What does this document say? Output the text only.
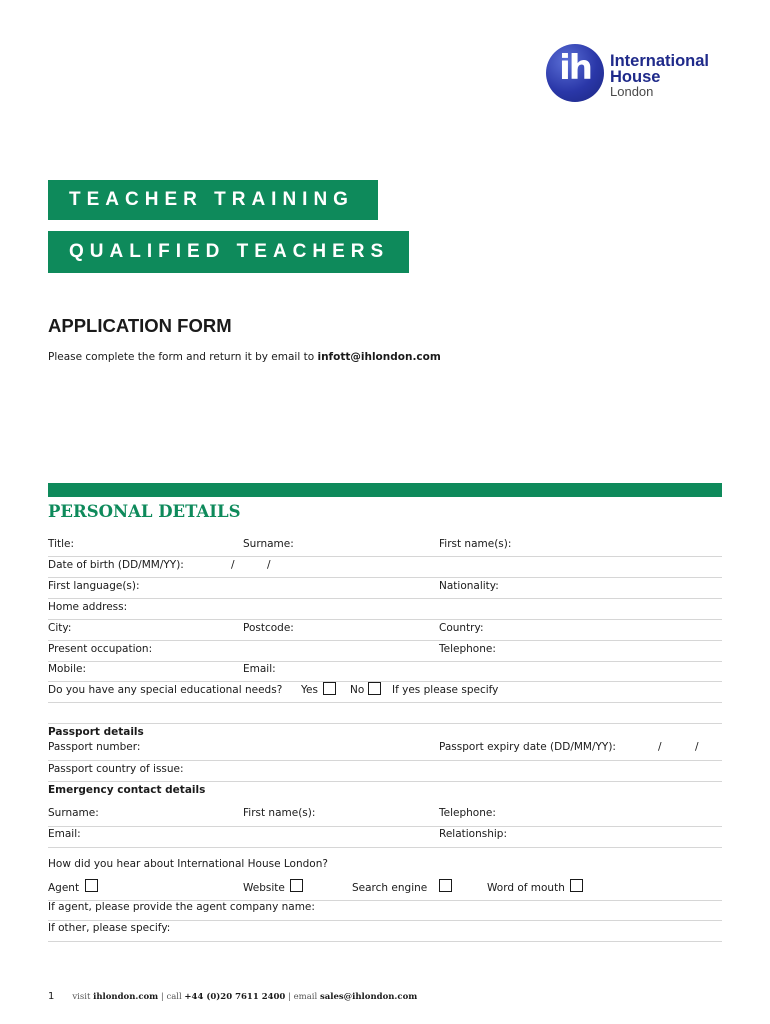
ih	International
House
London
TEACHER TRAINING
QUALIFIED TEACHERS
APPLICATION FORM
Please complete the form and return it by email to infott@ihlondon.com
PERSONAL DETAILS
Title:	Surname:	First name(s):
Date of birth (DD/MM/YY):	/	/
First language(s):	Nationality:
Home address:
City:	Postcode:	Country:
Present occupation:	Telephone:
Mobile:	Email:
Do you have any special educational needs? Yes	No	If yes please specify
Passport details
Passport number:	Passport expiry date (DD/MM/YY):	/	/
Passport country of issue:
Emergency contact details
Surname:	First name(s):	Telephone:
Email:	Relationship:
How did you hear about International House London?
Agent	Website	Search engine	Word of mouth
If agent, please provide the agent company name:
If other, please specify:
1 visit ihlondon.com | call +44 (0)20 7611 2400 | email sales@ihlondon.com
